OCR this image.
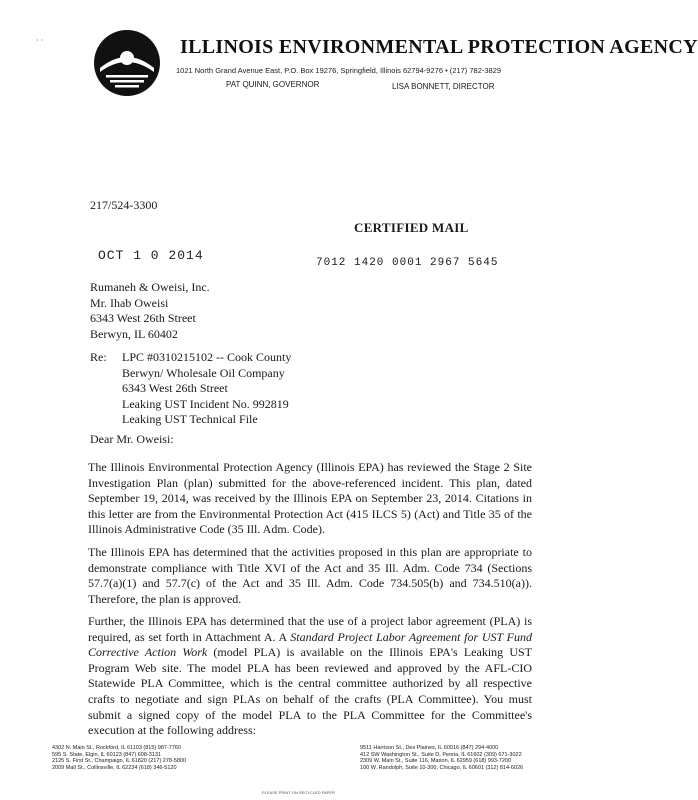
· ·	ILLINOIS ENVIRONMENTAL PROTECTION AGENCY
1021 North Grand Avenue East, P.O. Box 19276, Springfield, Illinois 62794-9276 • (217) 782-3829
PAT QUINN, GOVERNOR	LISA BONNETT, DIRECTOR
217/524-3300
CERTIFIED MAIL
OCT 1 0 2014	7012 1420 0001 2967 5645
Rumaneh & Oweisi, Inc.
Mr. Ihab Oweisi
6343 West 26th Street
Berwyn, IL 60402
Re: LPC #0310215102 -- Cook County
Berwyn/ Wholesale Oil Company
6343 West 26th Street
Leaking UST Incident No. 992819
Leaking UST Technical File
Dear Mr. Oweisi:
The Illinois Environmental Protection Agency (Illinois EPA) has reviewed the Stage 2 Site Investigation Plan (plan) submitted for the above-referenced incident. This plan, dated September 19, 2014, was received by the Illinois EPA on September 23, 2014. Citations in this letter are from the Environmental Protection Act (415 ILCS 5) (Act) and Title 35 of the Illinois Administrative Code (35 Ill. Adm. Code).
The Illinois EPA has determined that the activities proposed in this plan are appropriate to demonstrate compliance with Title XVI of the Act and 35 Ill. Adm. Code 734 (Sections 57.7(a)(1) and 57.7(c) of the Act and 35 Ill. Adm. Code 734.505(b) and 734.510(a)). Therefore, the plan is approved.
Further, the Illinois EPA has determined that the use of a project labor agreement (PLA) is required, as set forth in Attachment A. A Standard Project Labor Agreement for UST Fund Corrective Action Work (model PLA) is available on the Illinois EPA's Leaking UST Program Web site. The model PLA has been reviewed and approved by the AFL-CIO Statewide PLA Committee, which is the central committee authorized by all respective crafts to negotiate and sign PLAs on behalf of the crafts (PLA Committee). You must submit a signed copy of the model PLA to the PLA Committee for the Committee's execution at the following address:
4302 N. Main St., Rockford, IL 61103 (815) 987-7760
595 S. State, Elgin, IL 60123 (847) 608-3131
2125 S. First St., Champaign, IL 61820 (217) 278-5800
2009 Mall St., Collinsville, IL 62234 (618) 346-5120
9511 Harrison St., Des Plaines, IL 60016 (847) 294-4000
412 SW Washington St., Suite D, Peoria, IL 61602 (309) 671-3022
2309 W. Main St., Suite 116, Marion, IL 62959 (618) 993-7200
100 W. Randolph, Suite 10-300, Chicago, IL 60601 (312) 814-6026
PLEASE PRINT ON RECYCLED PAPER
